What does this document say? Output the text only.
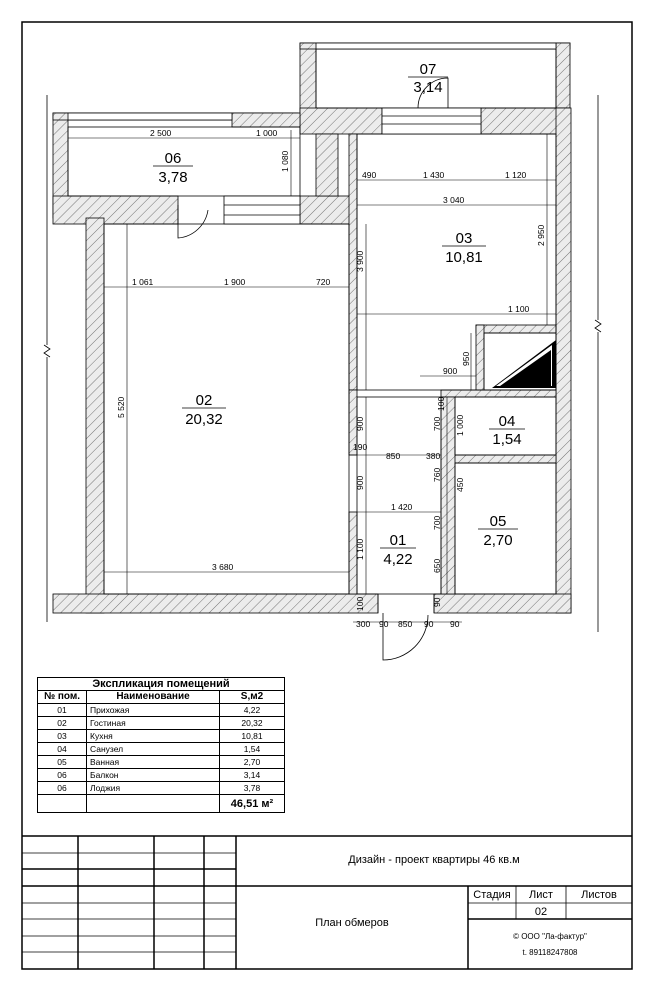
07
3,14
06
3,78
03
10,81
02
20,32	04
1,54
05
2,70
01
4,22
2 500	1 000
1 080
490	1 430	1 120
3 040
2 950
3 900
1 061	1 900	720
1 100
950
900
5 520	100
700 1 000
900
190
850	380
760
450
900
1 420
700
1 100
650
3 680
100	90
300 90 850 90 90
Экспликация помещений		
№ пом.	Наименование	S,м2
01	Прихожая	4,22
02	Гостиная	20,32
03	Кухня	10,81
04	Санузел	1,54
05	Ванная	2,70
06	Балкон	3,14
06	Лоджия	3,78
		46,51 м²
Дизайн - проект квартиры 46 кв.м
План обмеров
Стадия	Лист	Листов
02
© ООО "Ла-фактур"
t. 89118247808
